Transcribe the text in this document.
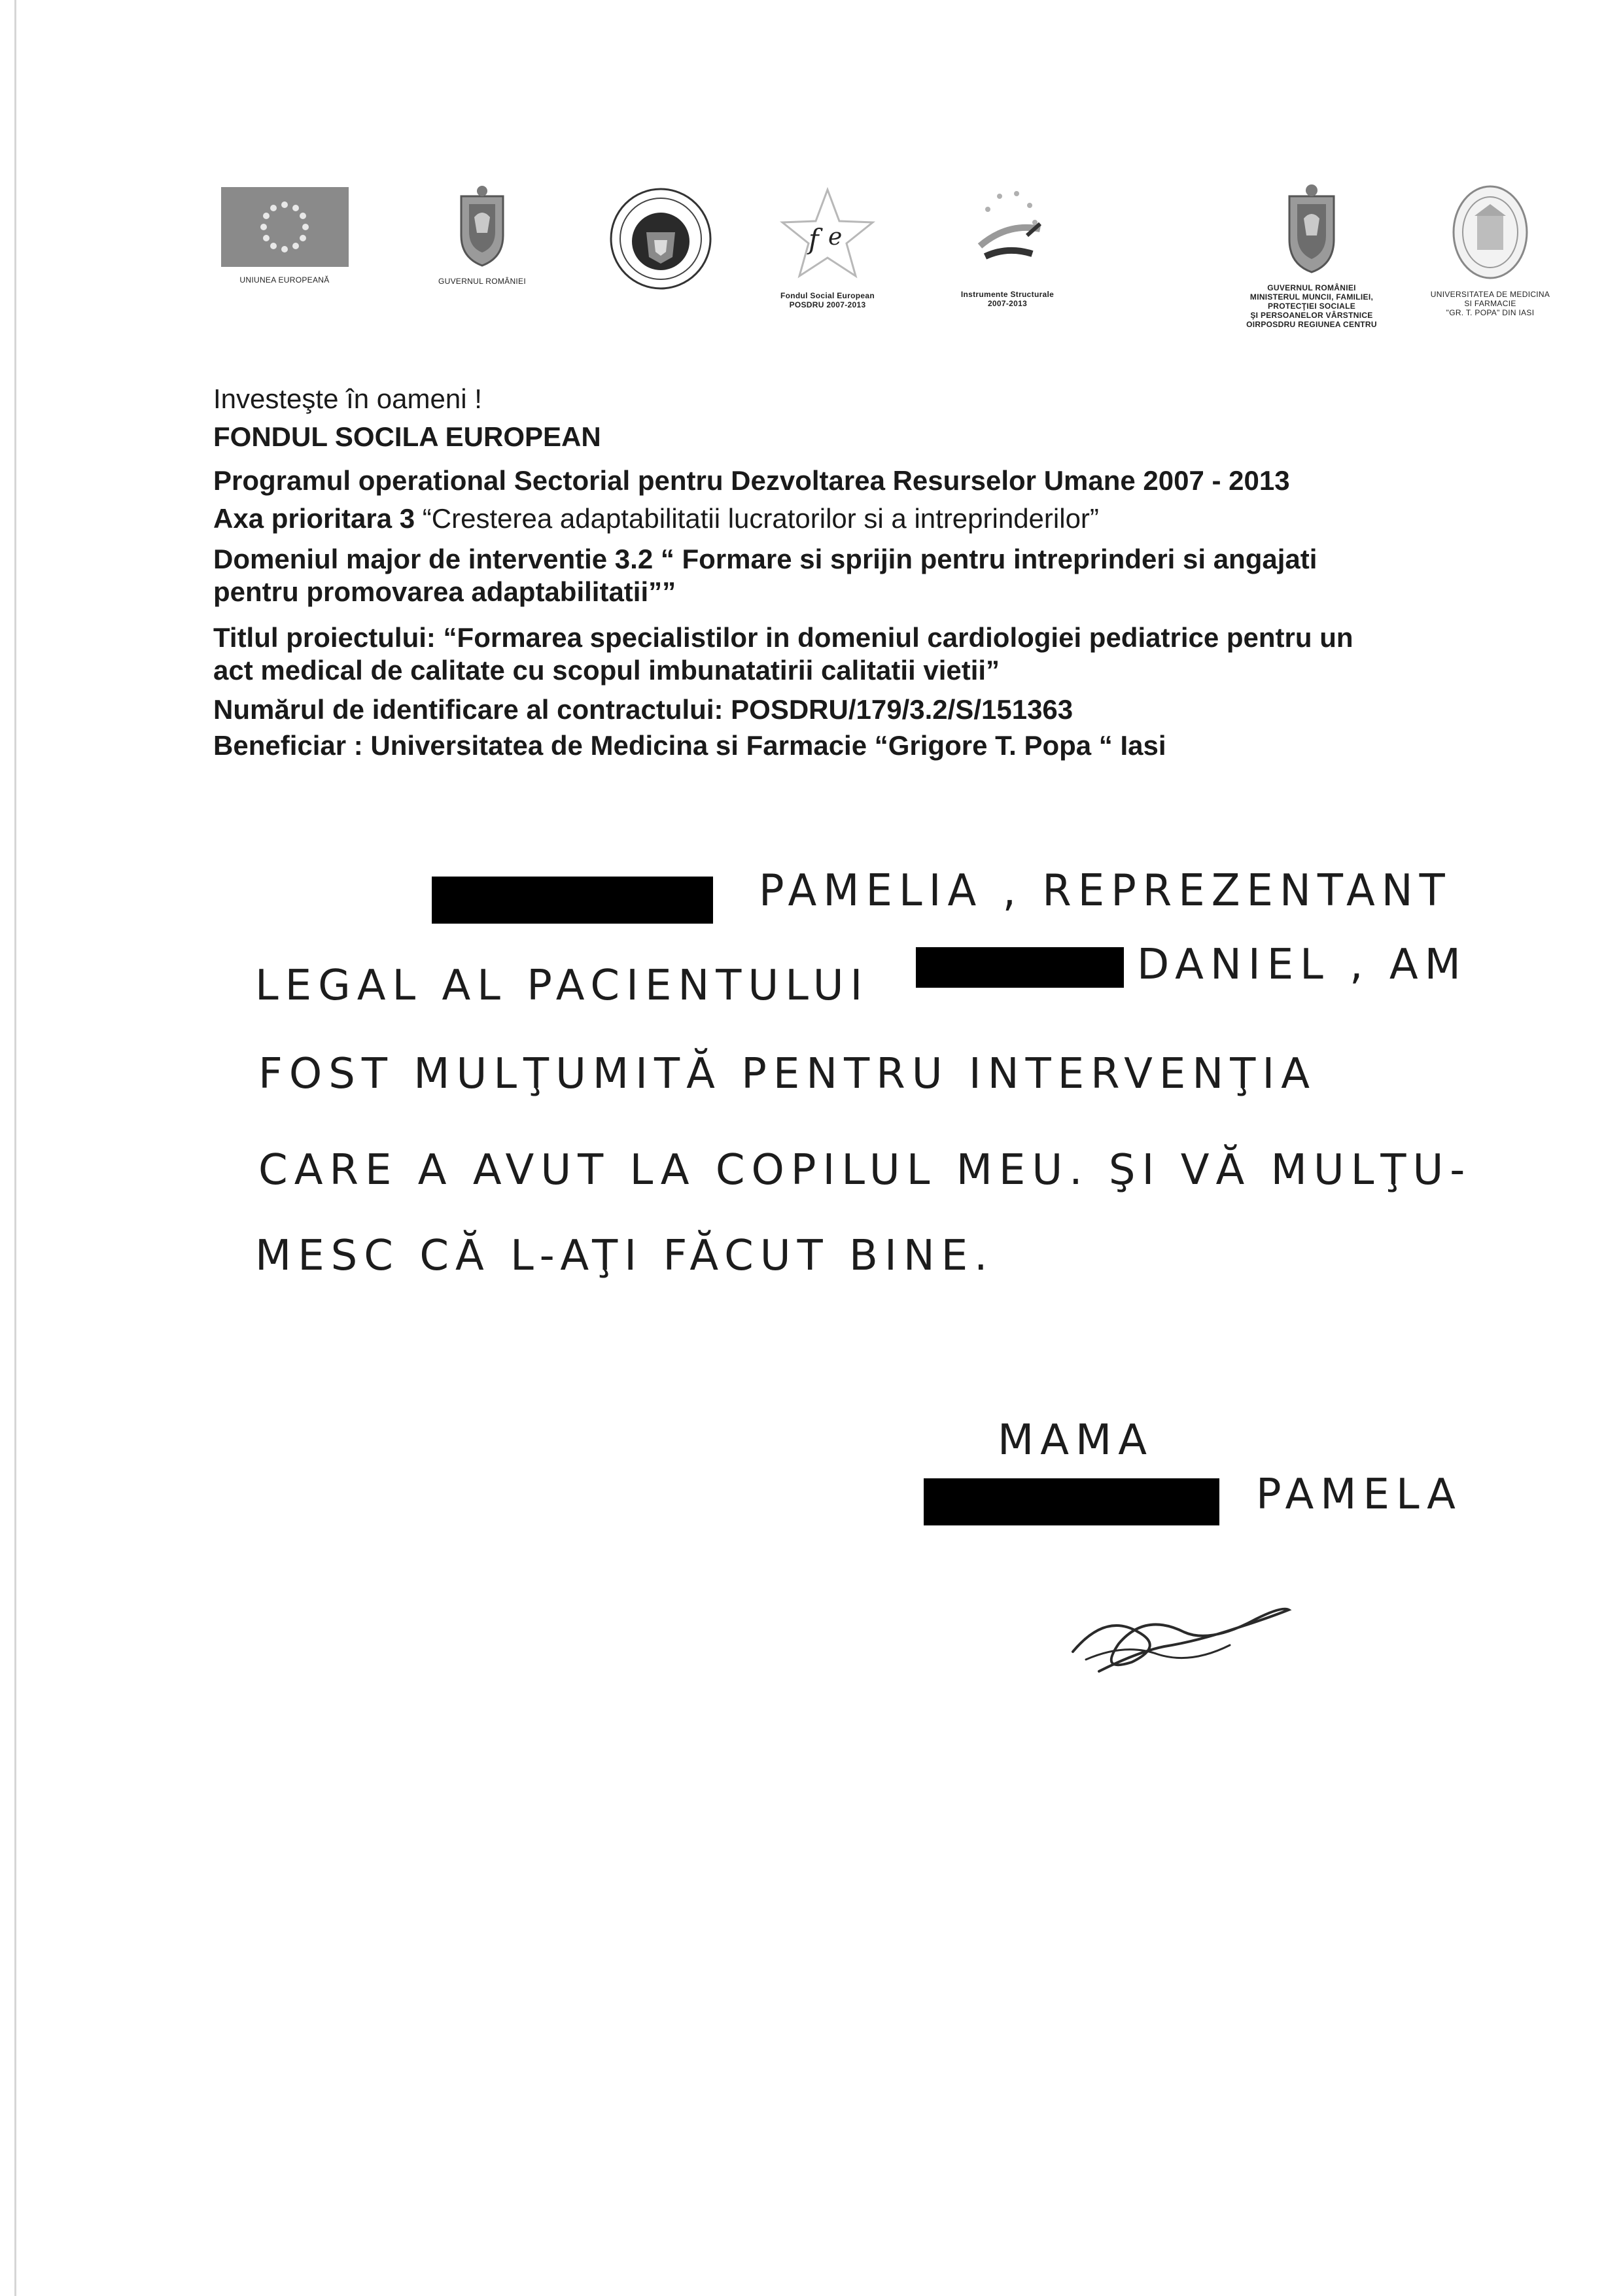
UNIUNEA EUROPEANĂ	GUVERNUL ROMÂNIEI
f e
Fondul Social European
POSDRU 2007-2013
Instrumente Structurale
2007-2013
GUVERNUL ROMÂNIEI
MINISTERUL MUNCII, FAMILIEI,
PROTECŢIEI SOCIALE
ŞI PERSOANELOR VÂRSTNICE
OIRPOSDRU REGIUNEA CENTRU
UNIVERSITATEA DE MEDICINA
SI FARMACIE
"GR. T. POPA" DIN IASI
Investeşte în oameni !
FONDUL SOCILA EUROPEAN
Programul operational Sectorial pentru Dezvoltarea Resurselor Umane 2007 - 2013
Axa prioritara 3 “Cresterea adaptabilitatii lucratorilor si a intreprinderilor”
Domeniul major de interventie 3.2 “ Formare si sprijin pentru intreprinderi si angajati
pentru promovarea adaptabilitatii””
Titlul proiectului: “Formarea specialistilor in domeniul cardiologiei pediatrice pentru un
act medical de calitate cu scopul imbunatatirii calitatii vietii”
Numărul de identificare al contractului: POSDRU/179/3.2/S/151363
Beneficiar : Universitatea de Medicina si Farmacie “Grigore T. Popa “ Iasi
PAMELIA , REPREZENTANT
LEGAL AL PACIENTULUI	DANIEL , AM
FOST MULŢUMITĂ PENTRU INTERVENŢIA
CARE A AVUT LA COPILUL MEU. ŞI VĂ MULŢU-
MESC CĂ L-AŢI FĂCUT BINE.
MAMA
PAMELA
